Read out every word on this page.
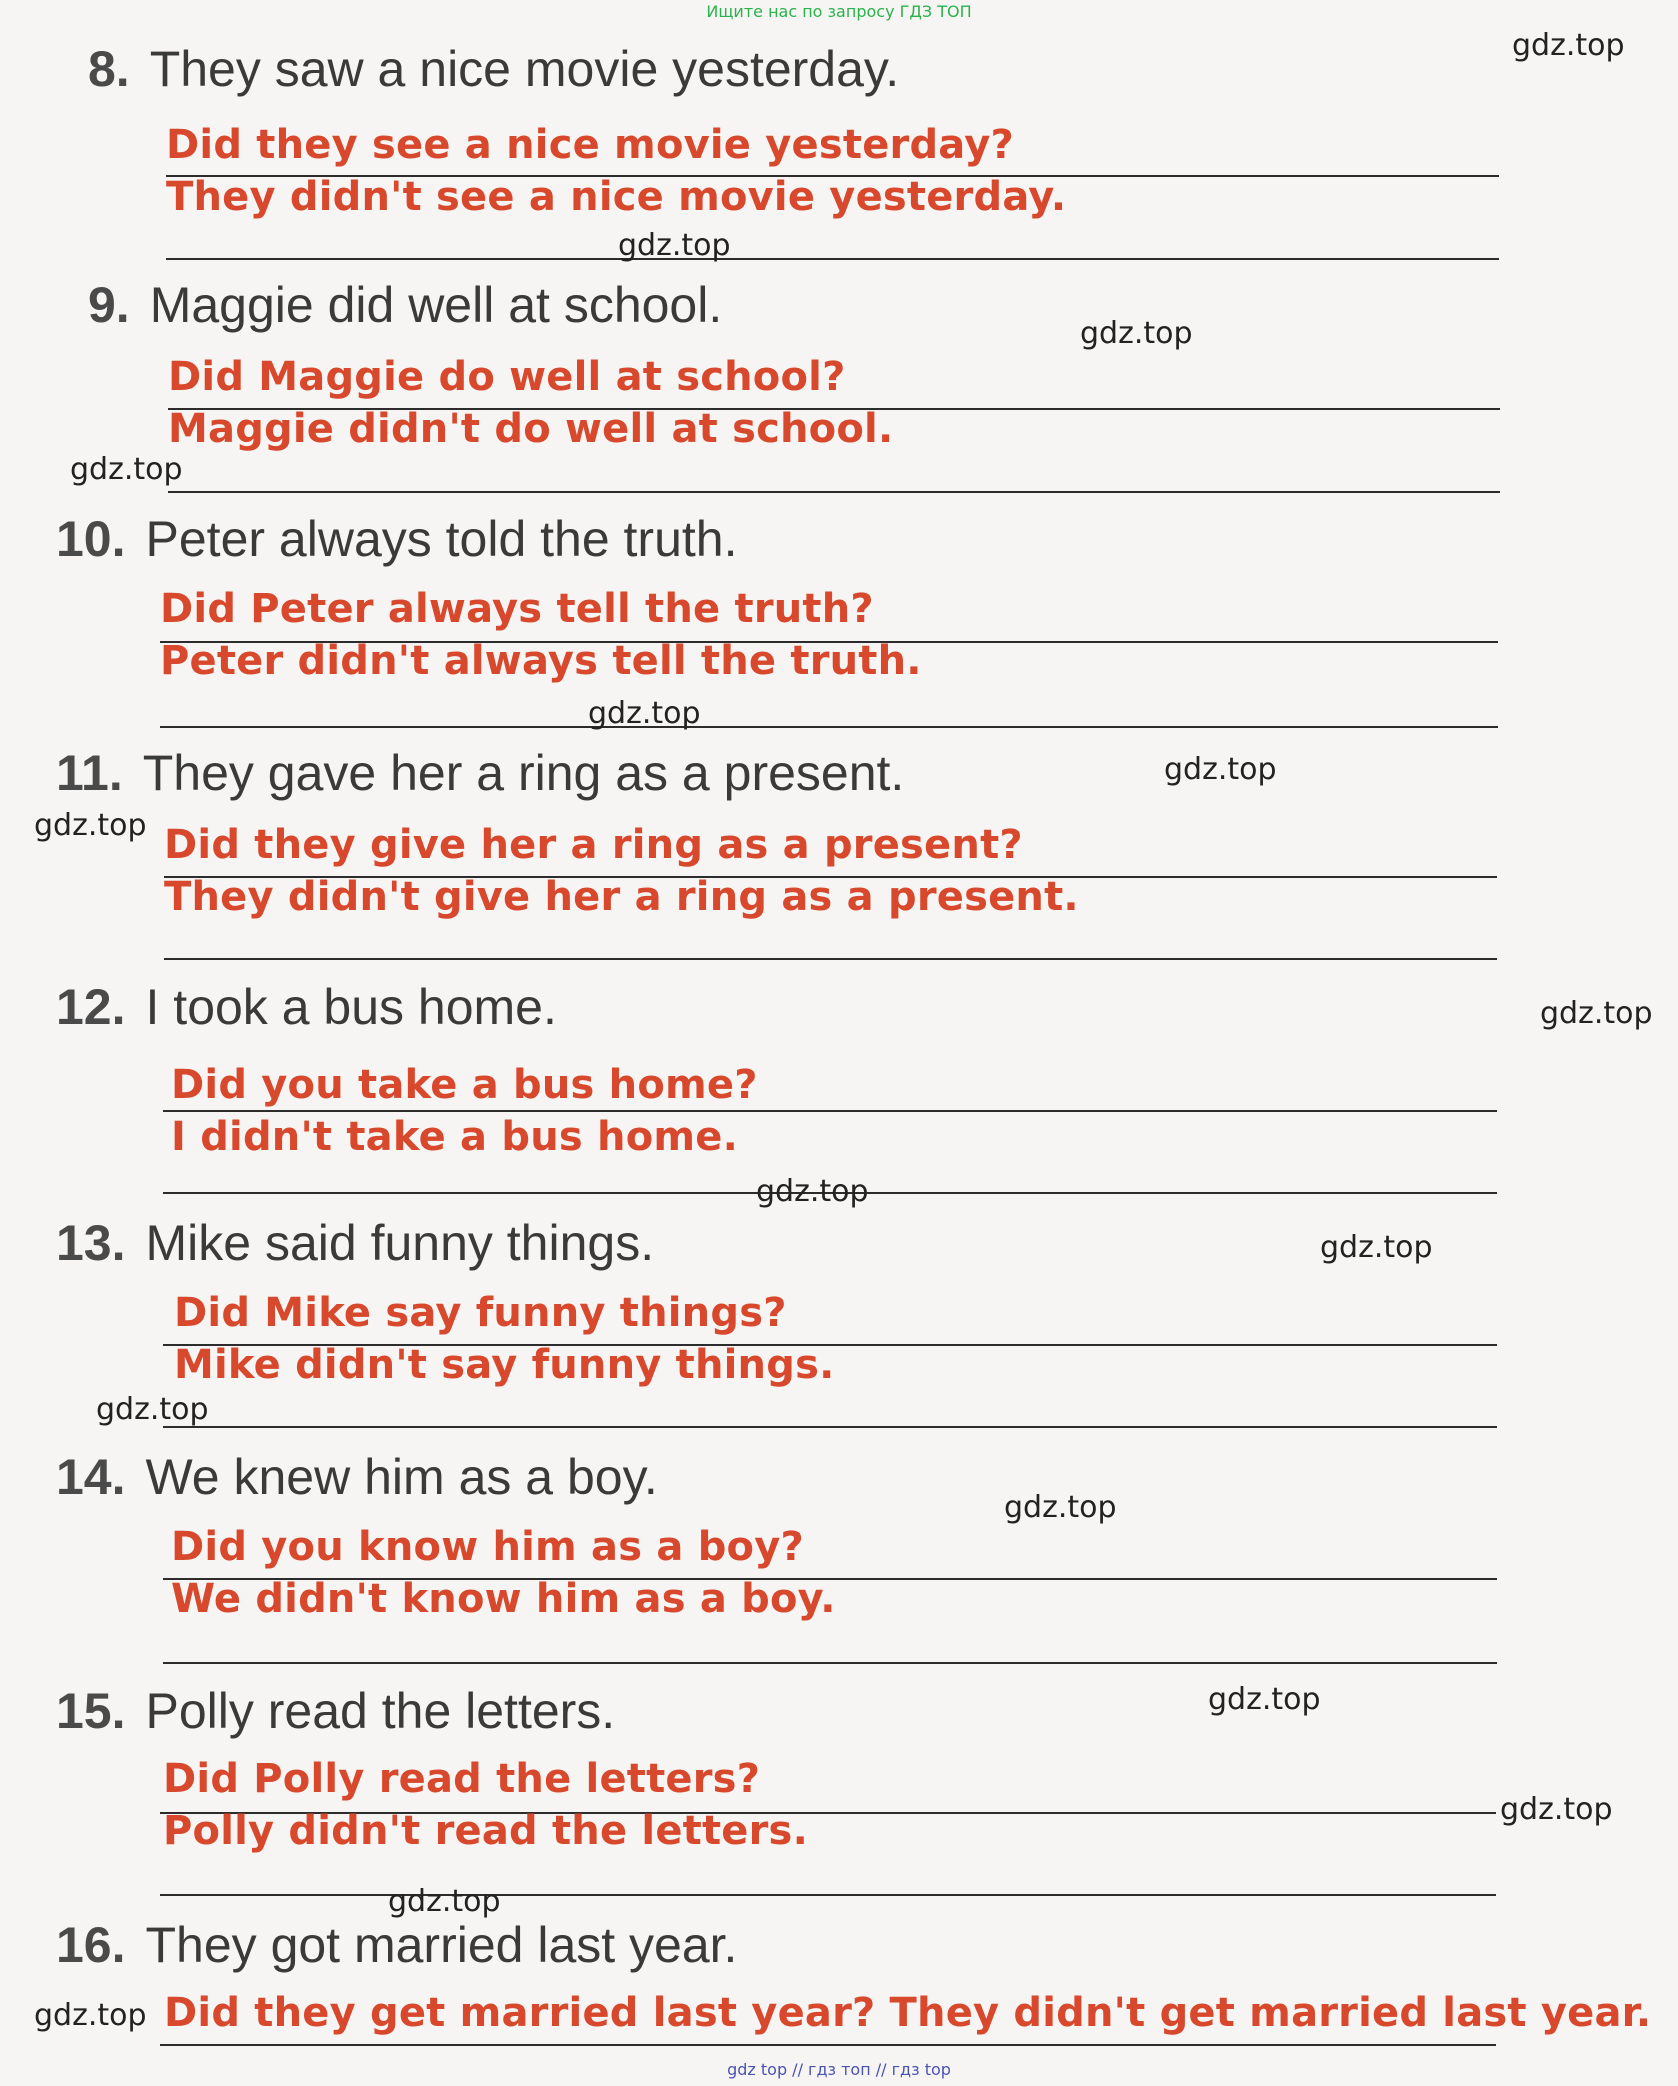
Ищите нас по запросу ГДЗ ТОП
8. They saw a nice movie yesterday.
Did they see a nice movie yesterday?
They didn't see a nice movie yesterday.
9. Maggie did well at school.
Did Maggie do well at school?
Maggie didn't do well at school.
10. Peter always told the truth.
Did Peter always tell the truth?
Peter didn't always tell the truth.
11. They gave her a ring as a present.
Did they give her a ring as a present?
They didn't give her a ring as a present.
12. I took a bus home.
Did you take a bus home?
I didn't take a bus home.
13. Mike said funny things.
Did Mike say funny things?
Mike didn't say funny things.
14. We knew him as a boy.
Did you know him as a boy?
We didn't know him as a boy.
15. Polly read the letters.
Did Polly read the letters?
Polly didn't read the letters.
16. They got married last year.
Did they get married last year? They didn't get married last year.
gdz.top
gdz.top
gdz.top
gdz.top
gdz.top
gdz.top
gdz.top
gdz.top
gdz.top
gdz.top
gdz.top
gdz.top
gdz.top
gdz.top
gdz.top
gdz.top
gdz top // гдз топ // гдз top
